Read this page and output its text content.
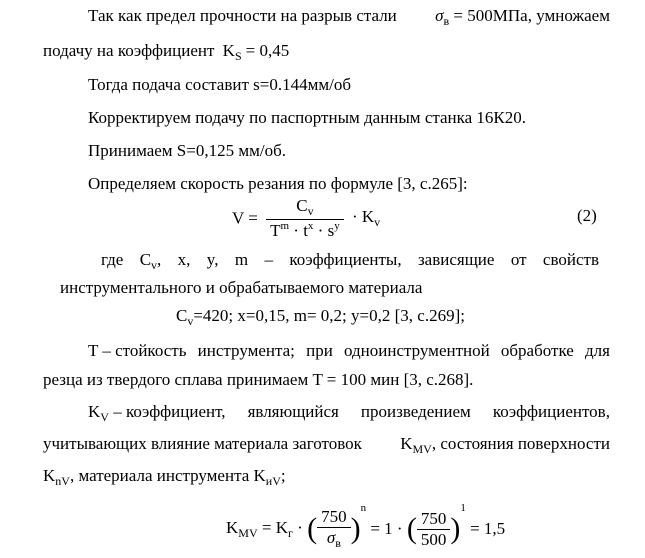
Так как предел прочности на разрыв стали $\sigma_в = 500МПа$, умножаем
подачу на коэффициент $K_S = 0,45$
Тогда подача составит s=0.144мм/об
Корректируем подачу по паспортным данным станка 16К20.
Принимаем S=0,125 мм/об.
Определяем скорость резания по формуле [3, с.265]:
$V = \frac{C_v}{T^m \cdot t^x \cdot s^y} \cdot K_v$	(2)
где $C_v$, x, y, m – коэффициенты, зависящие от свойств
инструментального и обрабатываемого материала
$C_v=420$; x=0,15, m= 0,2; y=0,2 [3, с.269];
T – стойкость инструмента; при одноинструментной обработке для
резца из твердого сплава принимаем T = 100 мин [3, с.268].
$K_V$ – коэффициент, являющийся произведением коэффициентов,
учитывающих влияние материала заготовок $K_{MV}$, состояния поверхности
$K_{nV}$, материала инструмента $K_{иV}$;
$K_{MV} = K_г$ · ( $\frac{750}{\sigma_в} )^n = 1$ · ( $\frac{750}{500} )^1 = 1,5$
